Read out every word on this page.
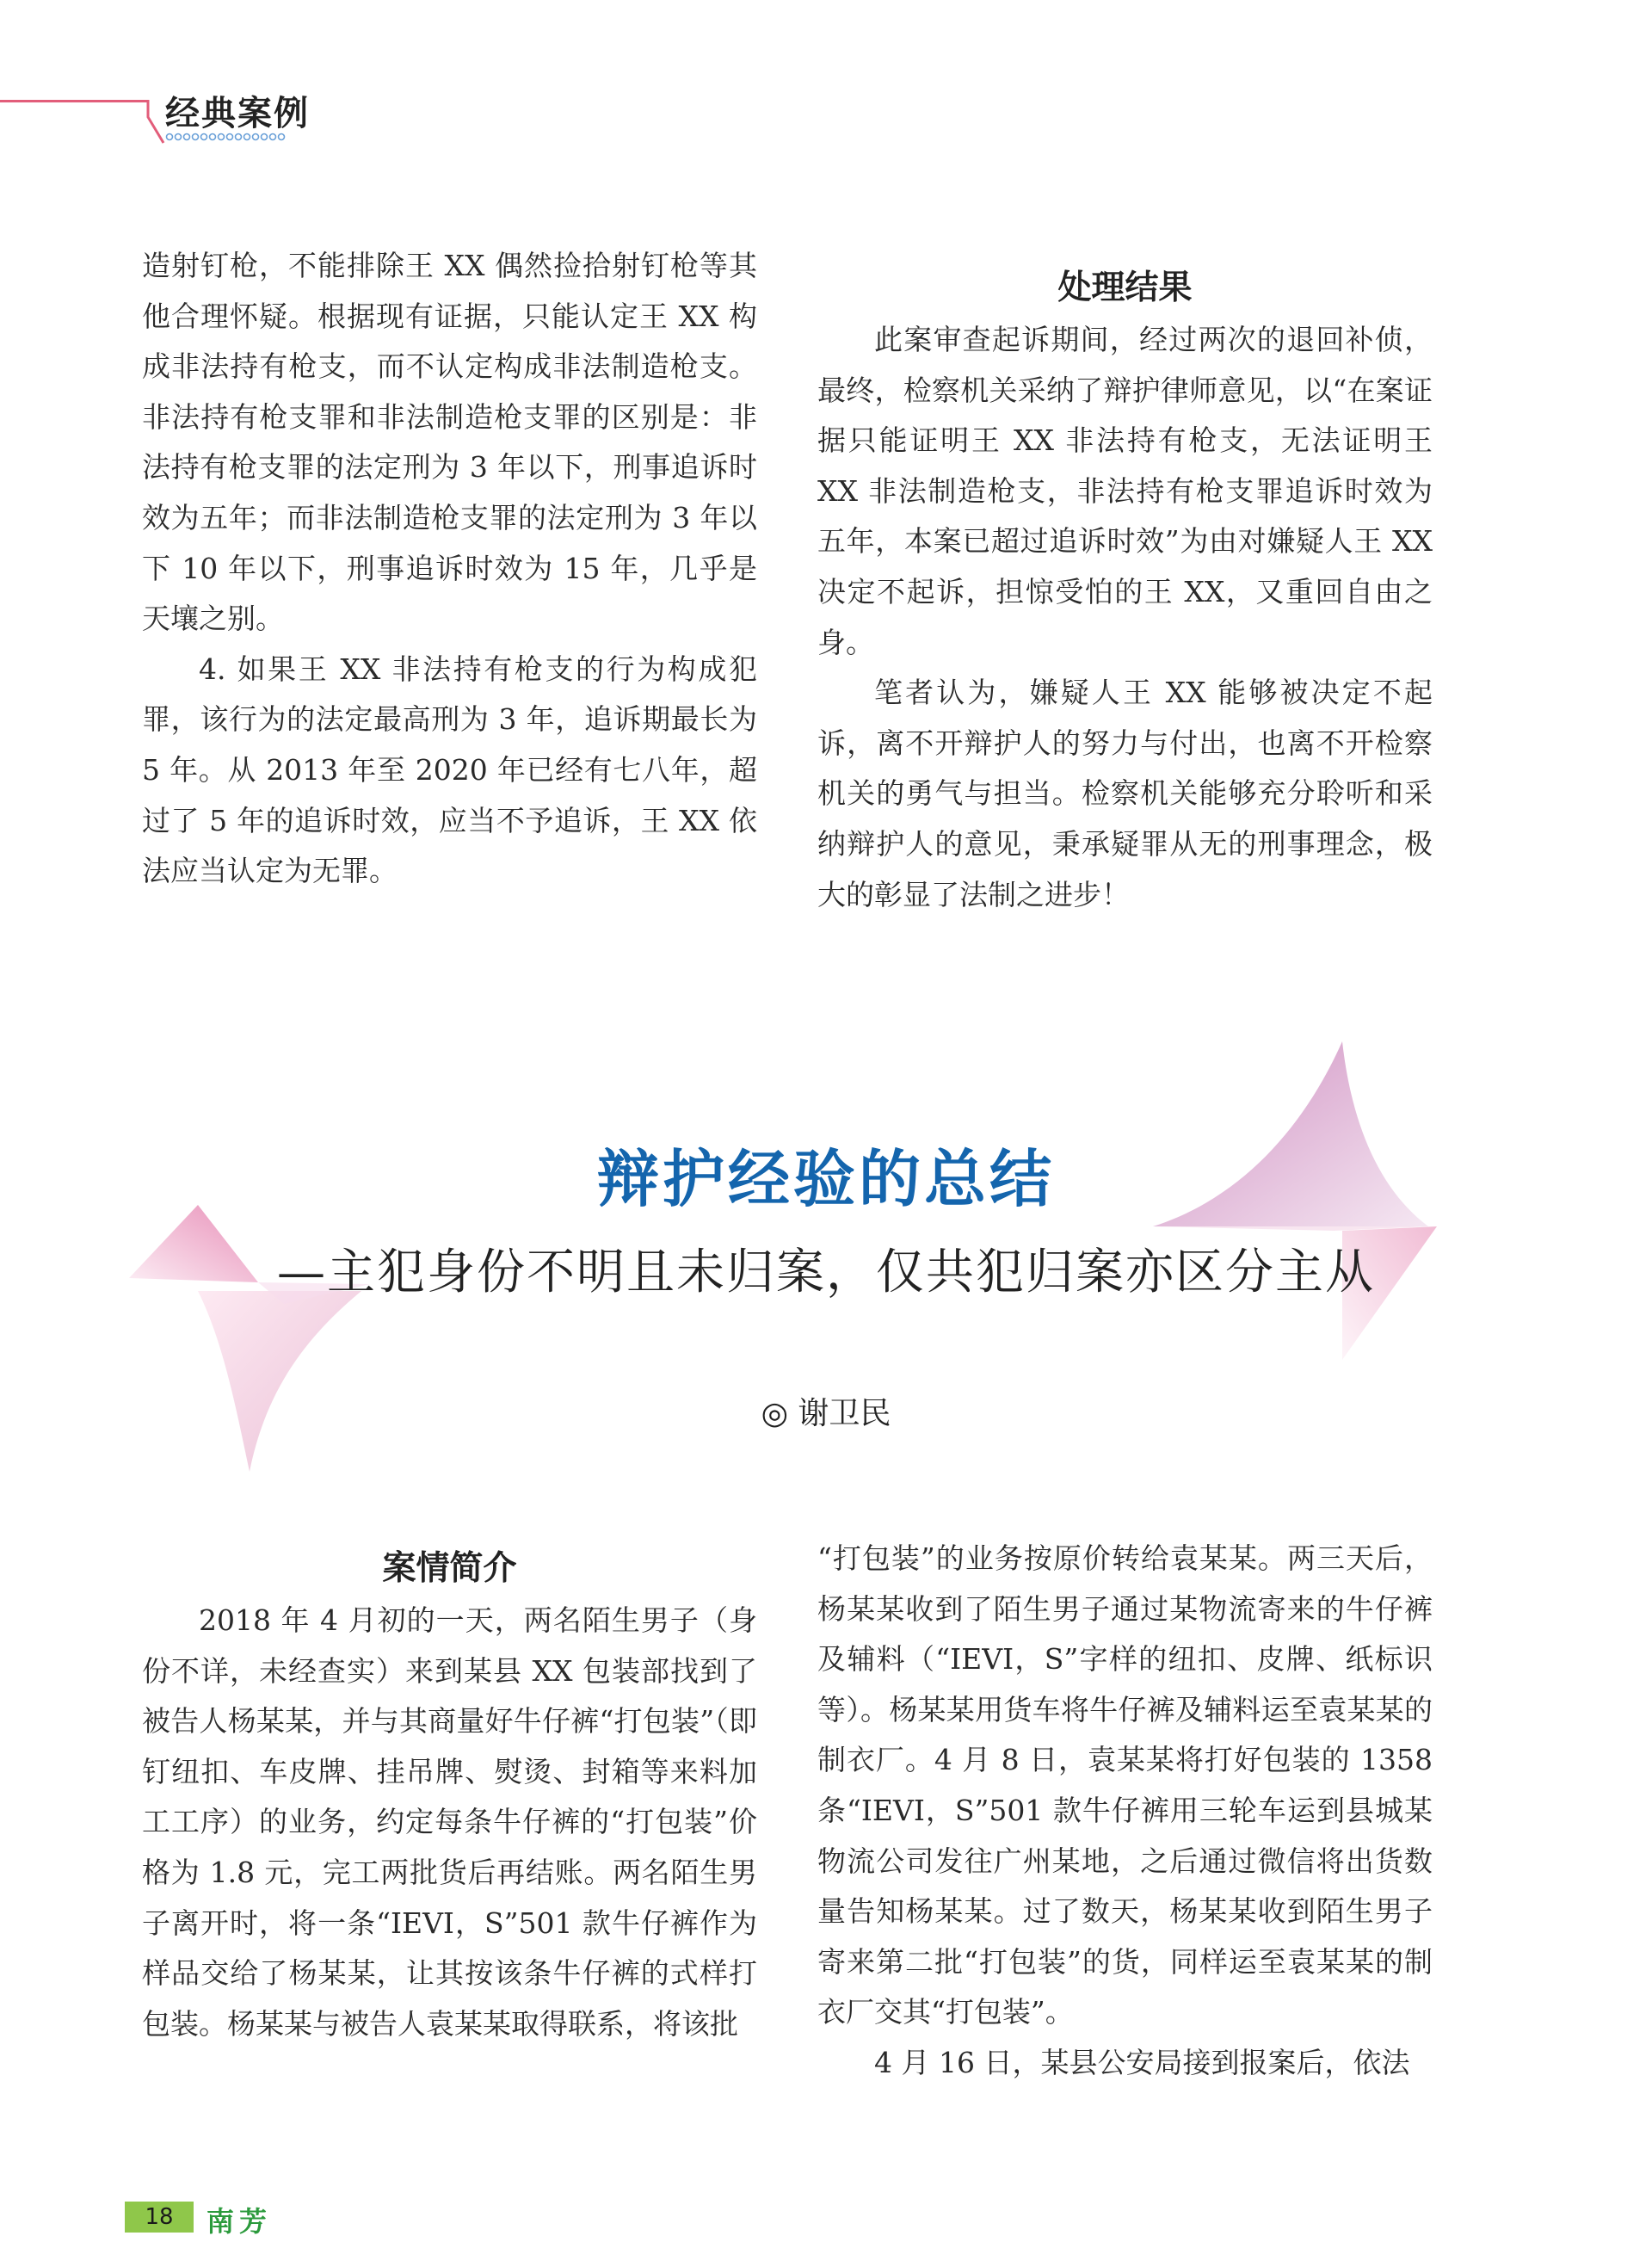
经典案例

造射钉枪，不能排除王 XX 偶然捡拾射钉枪等其他合理怀疑。根据现有证据，只能认定王 XX 构成非法持有枪支，而不认定构成非法制造枪支。非法持有枪支罪和非法制造枪支罪的区别是：非法持有枪支罪的法定刑为 3 年以下，刑事追诉时效为五年；而非法制造枪支罪的法定刑为 3 年以下 10 年以下，刑事追诉时效为 15 年，几乎是天壤之别。

4. 如果王 XX 非法持有枪支的行为构成犯罪，该行为的法定最高刑为 3 年，追诉期最长为 5 年。从 2013 年至 2020 年已经有七八年，超过了 5 年的追诉时效，应当不予追诉，王 XX 依法应当认定为无罪。

处理结果

此案审查起诉期间，经过两次的退回补侦，最终，检察机关采纳了辩护律师意见，以“在案证据只能证明王 XX 非法持有枪支，无法证明王 XX 非法制造枪支，非法持有枪支罪追诉时效为五年，本案已超过追诉时效”为由对嫌疑人王 XX 决定不起诉，担惊受怕的王 XX，又重回自由之身。

笔者认为，嫌疑人王 XX 能够被决定不起诉，离不开辩护人的努力与付出，也离不开检察机关的勇气与担当。检察机关能够充分聆听和采纳辩护人的意见，秉承疑罪从无的刑事理念，极大的彰显了法制之进步！

辩护经验的总结
—主犯身份不明且未归案，仅共犯归案亦区分主从
◎ 谢卫民
案情简介

2018 年 4 月初的一天，两名陌生男子（身份不详，未经查实）来到某县 XX 包装部找到了被告人杨某某，并与其商量好牛仔裤“打包装”（即钉纽扣、车皮牌、挂吊牌、熨烫、封箱等来料加工工序）的业务，约定每条牛仔裤的“打包装”价格为 1.8 元，完工两批货后再结账。两名陌生男子离开时，将一条“IEVI，S”501 款牛仔裤作为样品交给了杨某某，让其按该条牛仔裤的式样打包装。杨某某与被告人袁某某取得联系，将该批

“打包装”的业务按原价转给袁某某。两三天后，杨某某收到了陌生男子通过某物流寄来的牛仔裤及辅料（“IEVI，S”字样的纽扣、皮牌、纸标识等）。杨某某用货车将牛仔裤及辅料运至袁某某的制衣厂。4 月 8 日，袁某某将打好包装的 1358 条“IEVI，S”501 款牛仔裤用三轮车运到县城某物流公司发往广州某地，之后通过微信将出货数量告知杨某某。过了数天，杨某某收到陌生男子寄来第二批“打包装”的货，同样运至袁某某的制衣厂交其“打包装”。

4 月 16 日，某县公安局接到报案后，依法

18	南芳
